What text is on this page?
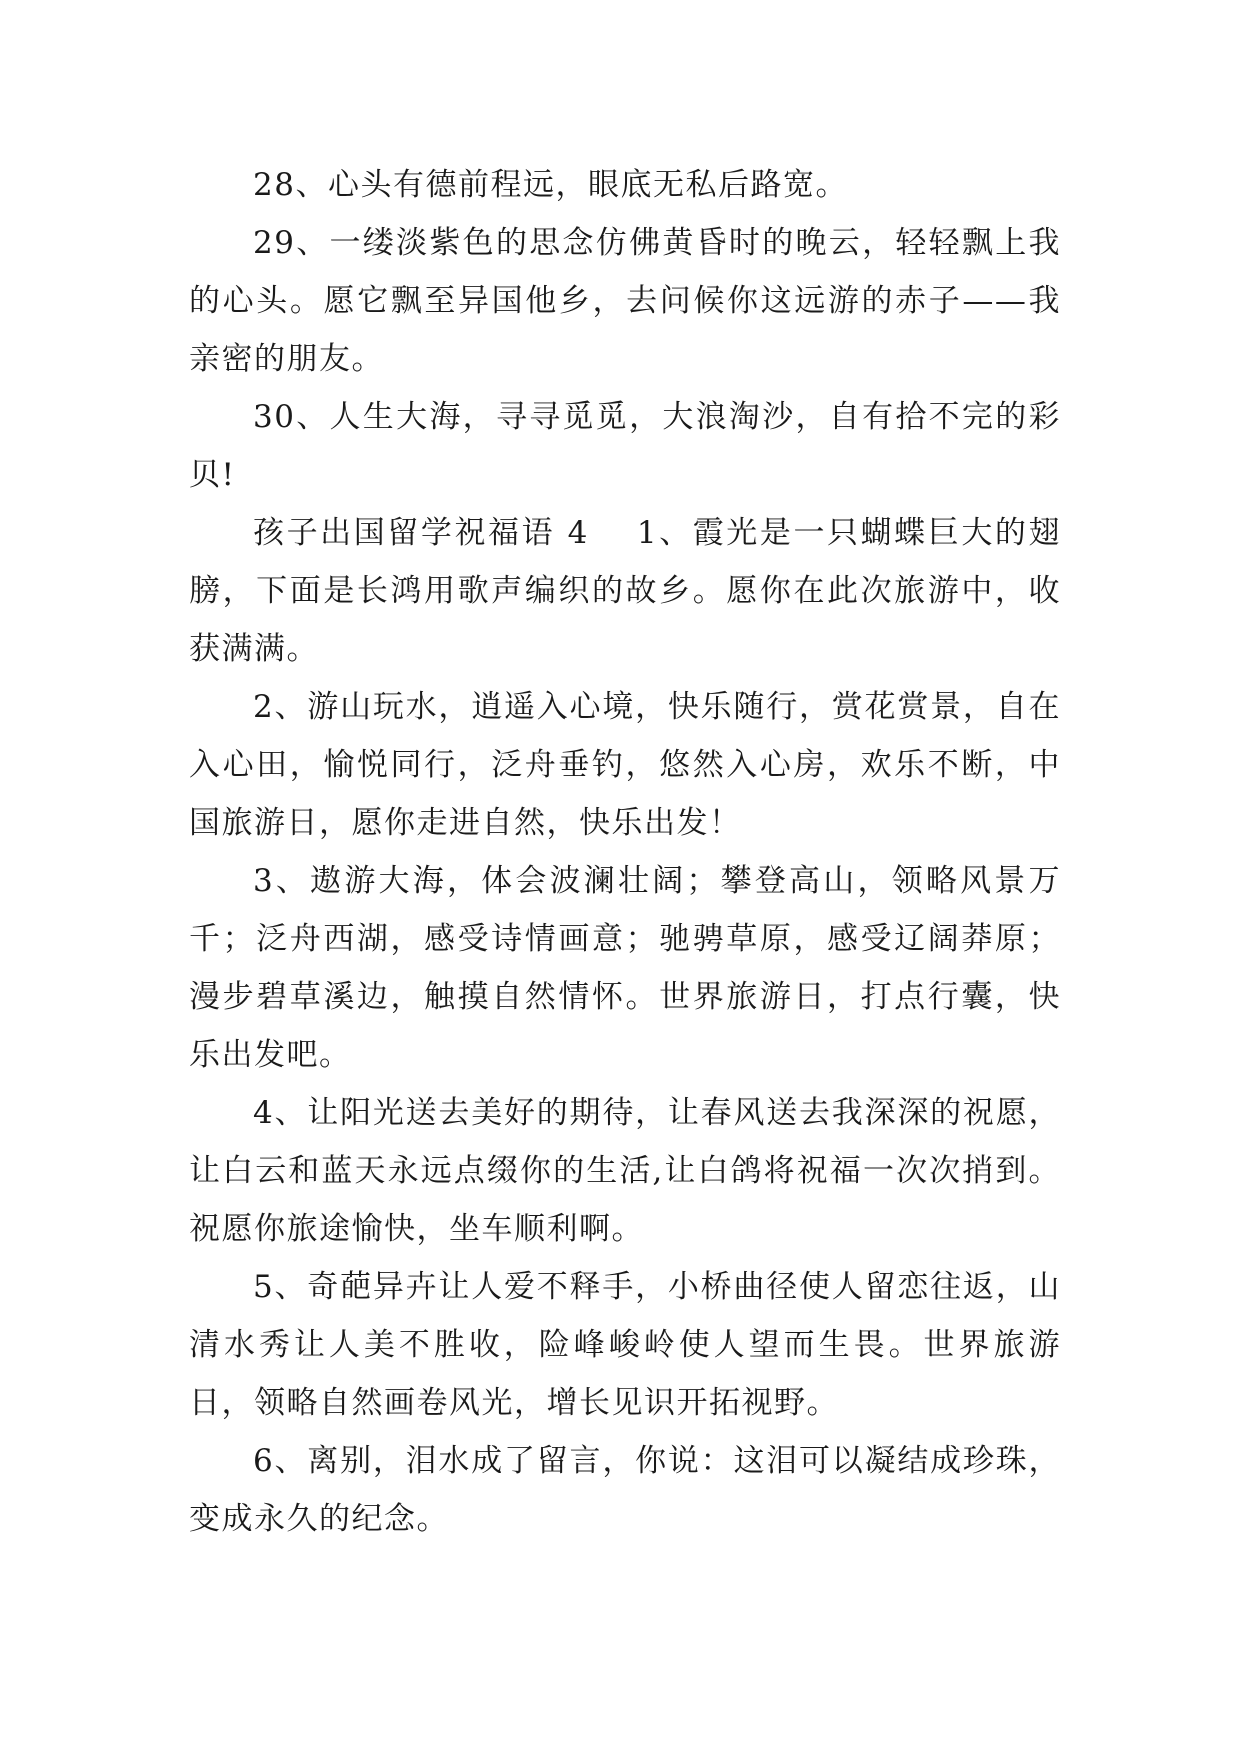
28、心头有德前程远，眼底无私后路宽。

29、一缕淡紫色的思念仿佛黄昏时的晚云，轻轻飘上我的心头。愿它飘至异国他乡，去问候你这远游的赤子——我亲密的朋友。

30、人生大海，寻寻觅觅，大浪淘沙，自有拾不完的彩贝!

孩子出国留学祝福语 4 1、霞光是一只蝴蝶巨大的翅膀，下面是长鸿用歌声编织的故乡。愿你在此次旅游中，收获满满。

2、游山玩水，逍遥入心境，快乐随行，赏花赏景，自在入心田，愉悦同行，泛舟垂钓，悠然入心房，欢乐不断，中国旅游日，愿你走进自然，快乐出发！

3、遨游大海，体会波澜壮阔；攀登高山，领略风景万千；泛舟西湖，感受诗情画意；驰骋草原，感受辽阔莽原；漫步碧草溪边，触摸自然情怀。世界旅游日，打点行囊，快乐出发吧。

4、让阳光送去美好的期待，让春风送去我深深的祝愿，让白云和蓝天永远点缀你的生活,让白鸽将祝福一次次捎到。祝愿你旅途愉快，坐车顺利啊。

5、奇葩异卉让人爱不释手，小桥曲径使人留恋往返，山清水秀让人美不胜收，险峰峻岭使人望而生畏。世界旅游日，领略自然画卷风光，增长见识开拓视野。

6、离别，泪水成了留言，你说：这泪可以凝结成珍珠，变成永久的纪念。
